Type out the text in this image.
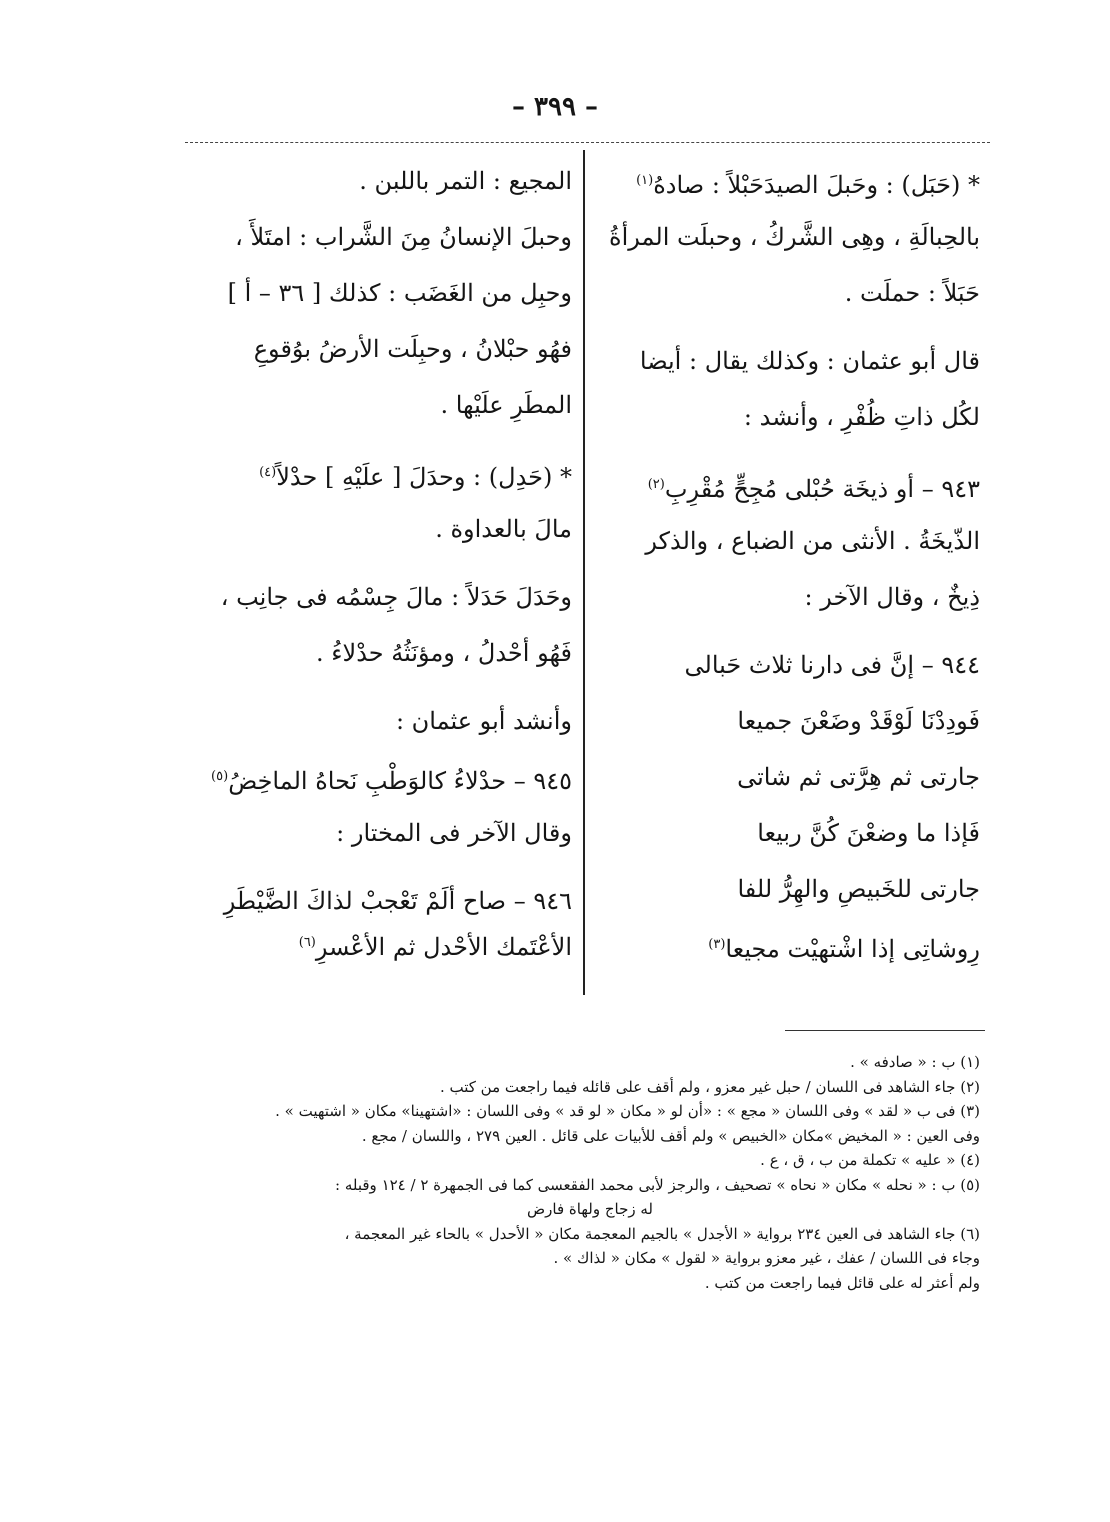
– ٣٩٩ –

* (حَبَل) : وحَبلَ الصيدَحَبْلاً : صادهُ$^{(١)}$

بالحِبالَةِ ، وهِى الشَّركُ ، وحبلَت المرأةُ

حَبَلاً : حملَت .

قال أبو عثمان : وكذلك يقال : أيضا

لكُل ذاتِ ظُفْرِ ، وأنشد :

٩٤٣ – أو ذيخَة حُبْلى مُجِحٍّ مُقْرِبِ$^{(٢)}$

الذّيخَةُ . الأنثى من الضباع ، والذكر

ذِيخٌ ، وقال الآخر :

٩٤٤ – إنَّ فى دارنا ثلاث حَبالى

فَودِدْنَا لَوْقَدْ وضَعْنَ جميعا

جارتى ثم هِرَّتى ثم شاتى

فَإذا ما وضعْنَ كُنَّ ربيعا

جارتى للخَبيصِ والهِرُّ للفا

رِوشاتِى إذا اشْتهيْت مجيعا$^{(٣)}$

المجيع : التمر باللبن .

وحبلَ الإنسانُ مِنَ الشَّراب : امتَلأَ ،

وحبِل من الغَضَب : كذلك [ ٣٦ – أ ]

فهُو حبْلانُ ، وحبِلَت الأرضُ بوُقوعِ

المطَرِ علَيْها .

* (حَدِل) : وحدَلَ [ علَيْهِ ] حدْلاً$^{(٤)}$

مالَ بالعداوة .

وحَدَلَ حَدَلاً : مالَ جِسْمُه فى جانِب ،

فَهُو أحْدلُ ، ومؤنَثُهُ حدْلاءُ .

وأنشد أبو عثمان :

٩٤٥ – حدْلاءُ كالوَطْبِ نَحاهُ الماخِضُ$^{(٥)}$

وقال الآخر فى المختار :

٩٤٦ – صاح ألَمْ تَعْجبْ لذاكَ الضَّيْطَرِ

الأعْتَمك الأحْدل ثم الأعْسرِ$^{(٦)}$

(١) ب : « صادفه » .
(٢) جاء الشاهد فى اللسان / حبل غير معزو ، ولم أقف على قائله فيما راجعت من كتب .
(٣) فى ب « لقد » وفى اللسان « مجع » : «أن لو « مكان « لو قد » وفى اللسان : «اشتهينا» مكان « اشتهيت » .
وفى العين : « المخيض »مكان «الخبيص » ولم أقف للأبيات على قائل . العين ٢٧٩ ، واللسان / مجع .
(٤) « عليه » تكملة من ب ، ق ، ع .
(٥) ب : « نحله » مكان « نحاه » تصحيف ، والرجز لأبى محمد الفقعسى كما فى الجمهرة ٢ / ١٢٤ وقبله :
له زجاج ولهاة فارض
(٦) جاء الشاهد فى العين ٢٣٤ برواية « الأجدل » بالجيم المعجمة مكان « الأحدل » بالحاء غير المعجمة ،
وجاء فى اللسان / عفك ، غير معزو برواية « لقول » مكان « لذاك » .
ولم أعثر له على قائل فيما راجعت من كتب .
